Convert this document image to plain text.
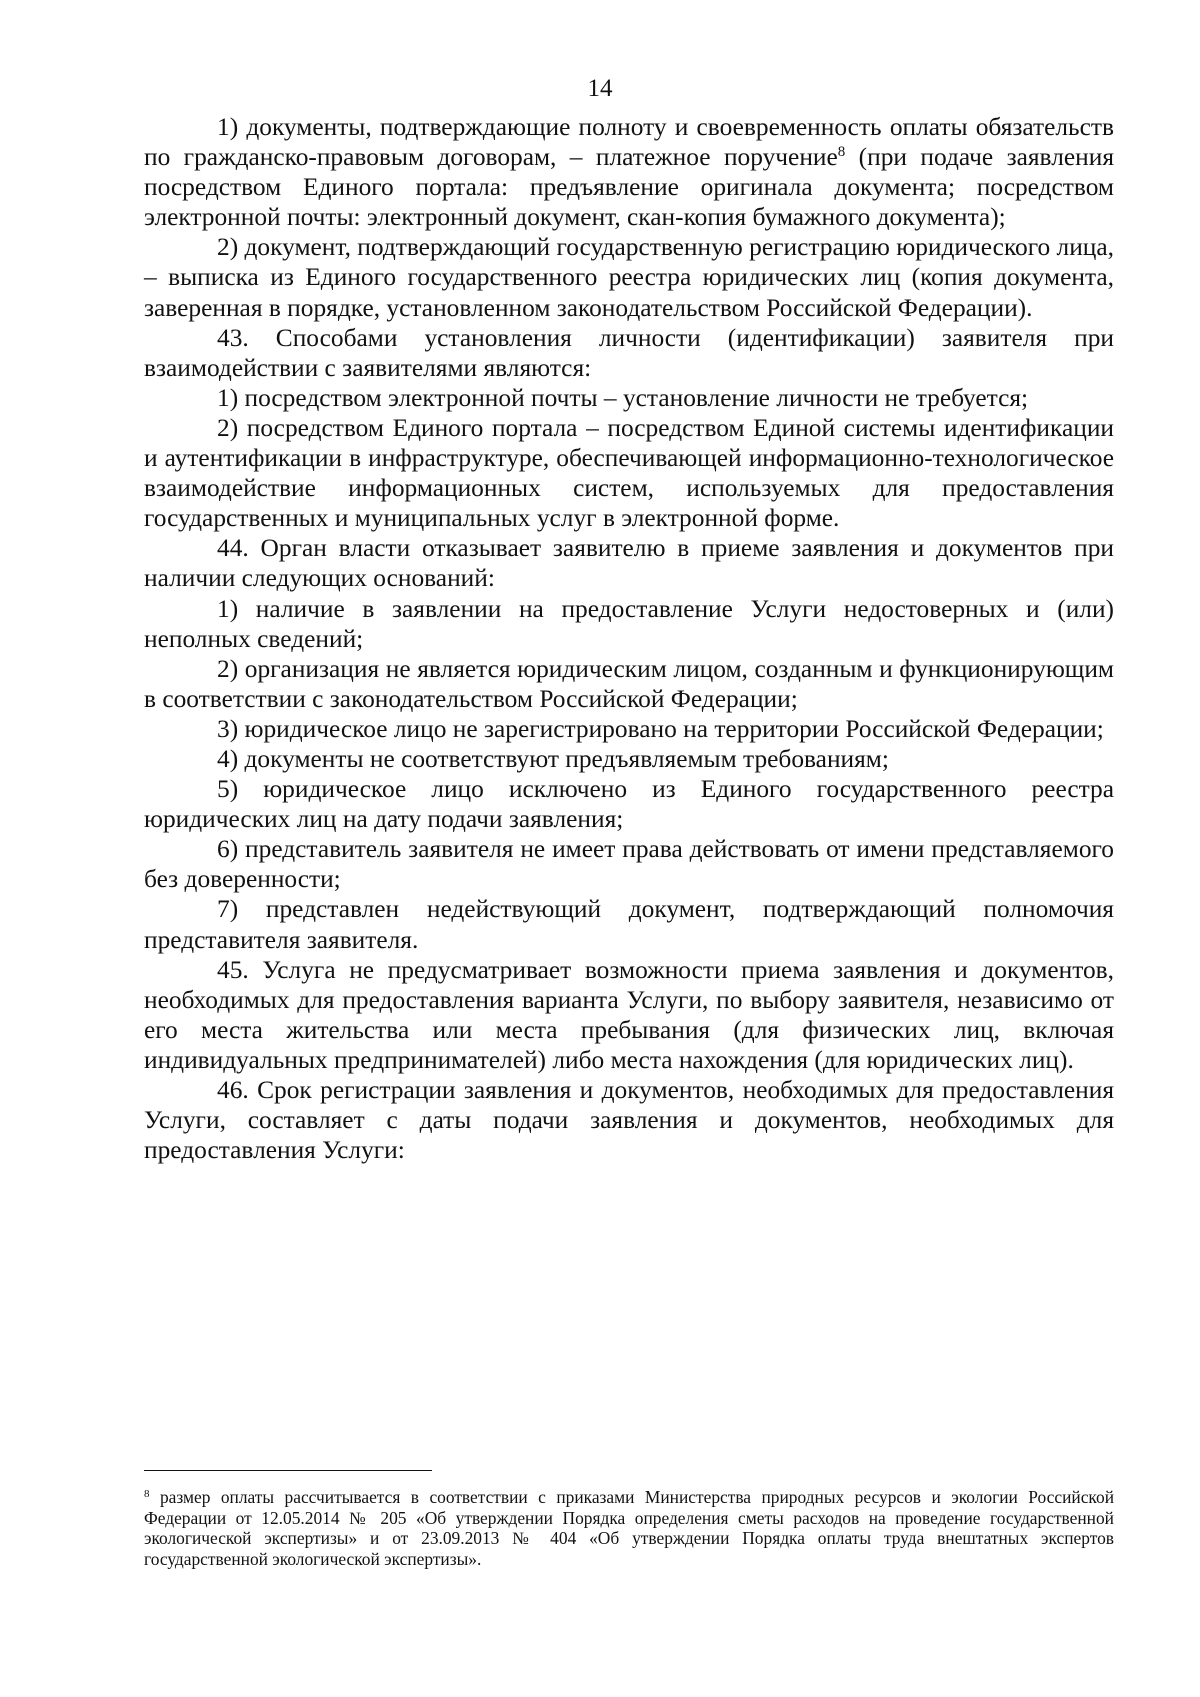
14

1) документы, подтверждающие полноту и своевременность оплаты обязательств по гражданско-правовым договорам, – платежное поручение$^8$ (при подаче заявления посредством Единого портала: предъявление оригинала документа; посредством электронной почты: электронный документ, скан-копия бумажного документа);

2) документ, подтверждающий государственную регистрацию юридического лица, – выписка из Единого государственного реестра юридических лиц (копия документа, заверенная в порядке, установленном законодательством Российской Федерации).

43. Способами установления личности (идентификации) заявителя при взаимодействии с заявителями являются:

1) посредством электронной почты – установление личности не требуется;

2) посредством Единого портала – посредством Единой системы идентификации и аутентификации в инфраструктуре, обеспечивающей информационно-технологическое взаимодействие информационных систем, используемых для предоставления государственных и муниципальных услуг в электронной форме.

44. Орган власти отказывает заявителю в приеме заявления и документов при наличии следующих оснований:

1) наличие в заявлении на предоставление Услуги недостоверных и (или) неполных сведений;

2) организация не является юридическим лицом, созданным и функционирующим в соответствии с законодательством Российской Федерации;

3) юридическое лицо не зарегистрировано на территории Российской Федерации;

4) документы не соответствуют предъявляемым требованиям;

5) юридическое лицо исключено из Единого государственного реестра юридических лиц на дату подачи заявления;

6) представитель заявителя не имеет права действовать от имени представляемого без доверенности;

7) представлен недействующий документ, подтверждающий полномочия представителя заявителя.

45. Услуга не предусматривает возможности приема заявления и документов, необходимых для предоставления варианта Услуги, по выбору заявителя, независимо от его места жительства или места пребывания (для физических лиц, включая индивидуальных предпринимателей) либо места нахождения (для юридических лиц).

46. Срок регистрации заявления и документов, необходимых для предоставления Услуги, составляет с даты подачи заявления и документов, необходимых для предоставления Услуги:

$^8$ размер оплаты рассчитывается в соответствии с приказами Министерства природных ресурсов и экологии Российской Федерации от 12.05.2014 № 205 «Об утверждении Порядка определения сметы расходов на проведение государственной экологической экспертизы» и от 23.09.2013 № 404 «Об утверждении Порядка оплаты труда внештатных экспертов государственной экологической экспертизы».
